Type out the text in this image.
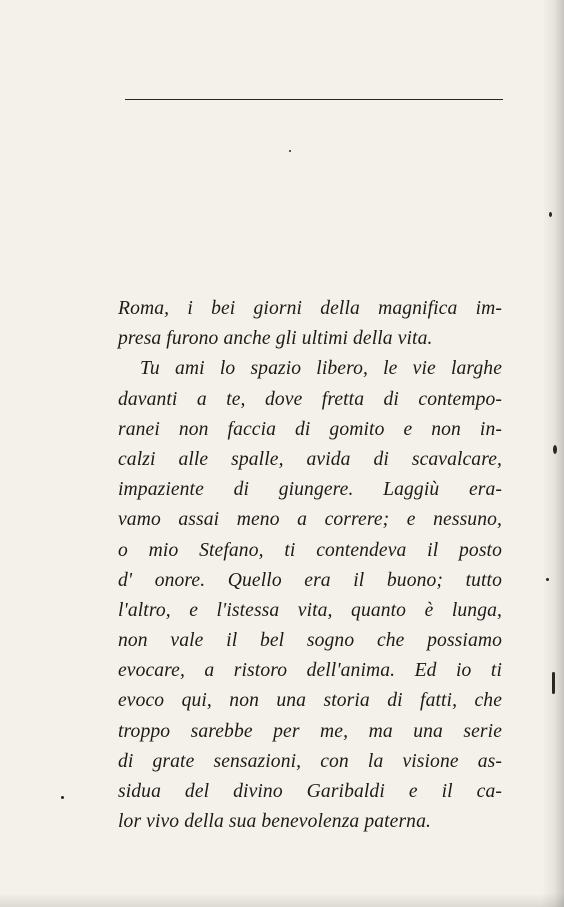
Roma, i bei giorni della magnifica im-
presa furono anche gli ultimi della vita.
Tu ami lo spazio libero, le vie larghe
davanti a te, dove fretta di contempo-
ranei non faccia di gomito e non in-
calzi alle spalle, avida di scavalcare,
impaziente di giungere. Laggiù era-
vamo assai meno a correre; e nessuno,
o mio Stefano, ti contendeva il posto
d' onore. Quello era il buono; tutto
l'altro, e l'istessa vita, quanto è lunga,
non vale il bel sogno che possiamo
evocare, a ristoro dell'anima. Ed io ti
evoco qui, non una storia di fatti, che
troppo sarebbe per me, ma una serie
di grate sensazioni, con la visione as-
sidua del divino Garibaldi e il ca-
lor vivo della sua benevolenza paterna.
